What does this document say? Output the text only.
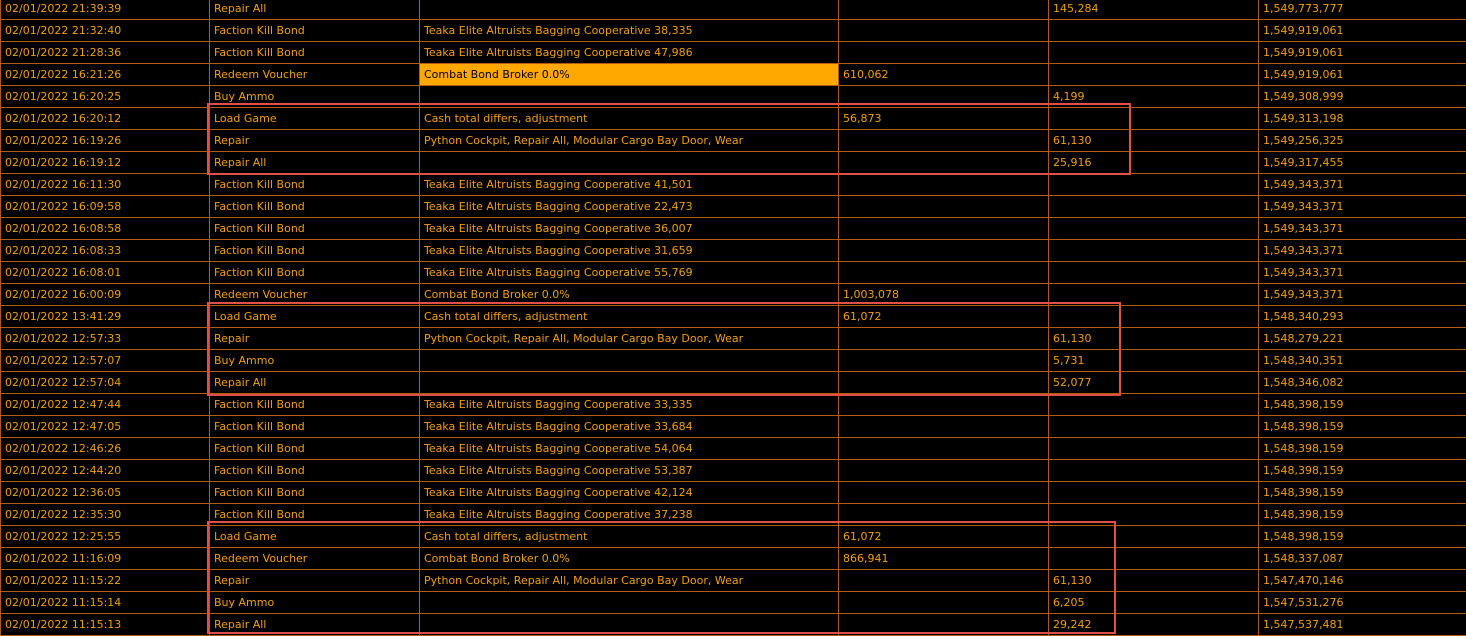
02/01/2022 21:39:39	Repair All			145,284	1,549,773,777
02/01/2022 21:32:40	Faction Kill Bond	Teaka Elite Altruists Bagging Cooperative 38,335			1,549,919,061
02/01/2022 21:28:36	Faction Kill Bond	Teaka Elite Altruists Bagging Cooperative 47,986			1,549,919,061
02/01/2022 16:21:26	Redeem Voucher	Combat Bond Broker 0.0%	610,062		1,549,919,061
02/01/2022 16:20:25	Buy Ammo			4,199	1,549,308,999
02/01/2022 16:20:12	Load Game	Cash total differs, adjustment	56,873		1,549,313,198
02/01/2022 16:19:26	Repair	Python Cockpit, Repair All, Modular Cargo Bay Door, Wear		61,130	1,549,256,325
02/01/2022 16:19:12	Repair All			25,916	1,549,317,455
02/01/2022 16:11:30	Faction Kill Bond	Teaka Elite Altruists Bagging Cooperative 41,501			1,549,343,371
02/01/2022 16:09:58	Faction Kill Bond	Teaka Elite Altruists Bagging Cooperative 22,473			1,549,343,371
02/01/2022 16:08:58	Faction Kill Bond	Teaka Elite Altruists Bagging Cooperative 36,007			1,549,343,371
02/01/2022 16:08:33	Faction Kill Bond	Teaka Elite Altruists Bagging Cooperative 31,659			1,549,343,371
02/01/2022 16:08:01	Faction Kill Bond	Teaka Elite Altruists Bagging Cooperative 55,769			1,549,343,371
02/01/2022 16:00:09	Redeem Voucher	Combat Bond Broker 0.0%	1,003,078		1,549,343,371
02/01/2022 13:41:29	Load Game	Cash total differs, adjustment	61,072		1,548,340,293
02/01/2022 12:57:33	Repair	Python Cockpit, Repair All, Modular Cargo Bay Door, Wear		61,130	1,548,279,221
02/01/2022 12:57:07	Buy Ammo			5,731	1,548,340,351
02/01/2022 12:57:04	Repair All			52,077	1,548,346,082
02/01/2022 12:47:44	Faction Kill Bond	Teaka Elite Altruists Bagging Cooperative 33,335			1,548,398,159
02/01/2022 12:47:05	Faction Kill Bond	Teaka Elite Altruists Bagging Cooperative 33,684			1,548,398,159
02/01/2022 12:46:26	Faction Kill Bond	Teaka Elite Altruists Bagging Cooperative 54,064			1,548,398,159
02/01/2022 12:44:20	Faction Kill Bond	Teaka Elite Altruists Bagging Cooperative 53,387			1,548,398,159
02/01/2022 12:36:05	Faction Kill Bond	Teaka Elite Altruists Bagging Cooperative 42,124			1,548,398,159
02/01/2022 12:35:30	Faction Kill Bond	Teaka Elite Altruists Bagging Cooperative 37,238			1,548,398,159
02/01/2022 12:25:55	Load Game	Cash total differs, adjustment	61,072		1,548,398,159
02/01/2022 11:16:09	Redeem Voucher	Combat Bond Broker 0.0%	866,941		1,548,337,087
02/01/2022 11:15:22	Repair	Python Cockpit, Repair All, Modular Cargo Bay Door, Wear		61,130	1,547,470,146
02/01/2022 11:15:14	Buy Ammo			6,205	1,547,531,276
02/01/2022 11:15:13	Repair All			29,242	1,547,537,481
